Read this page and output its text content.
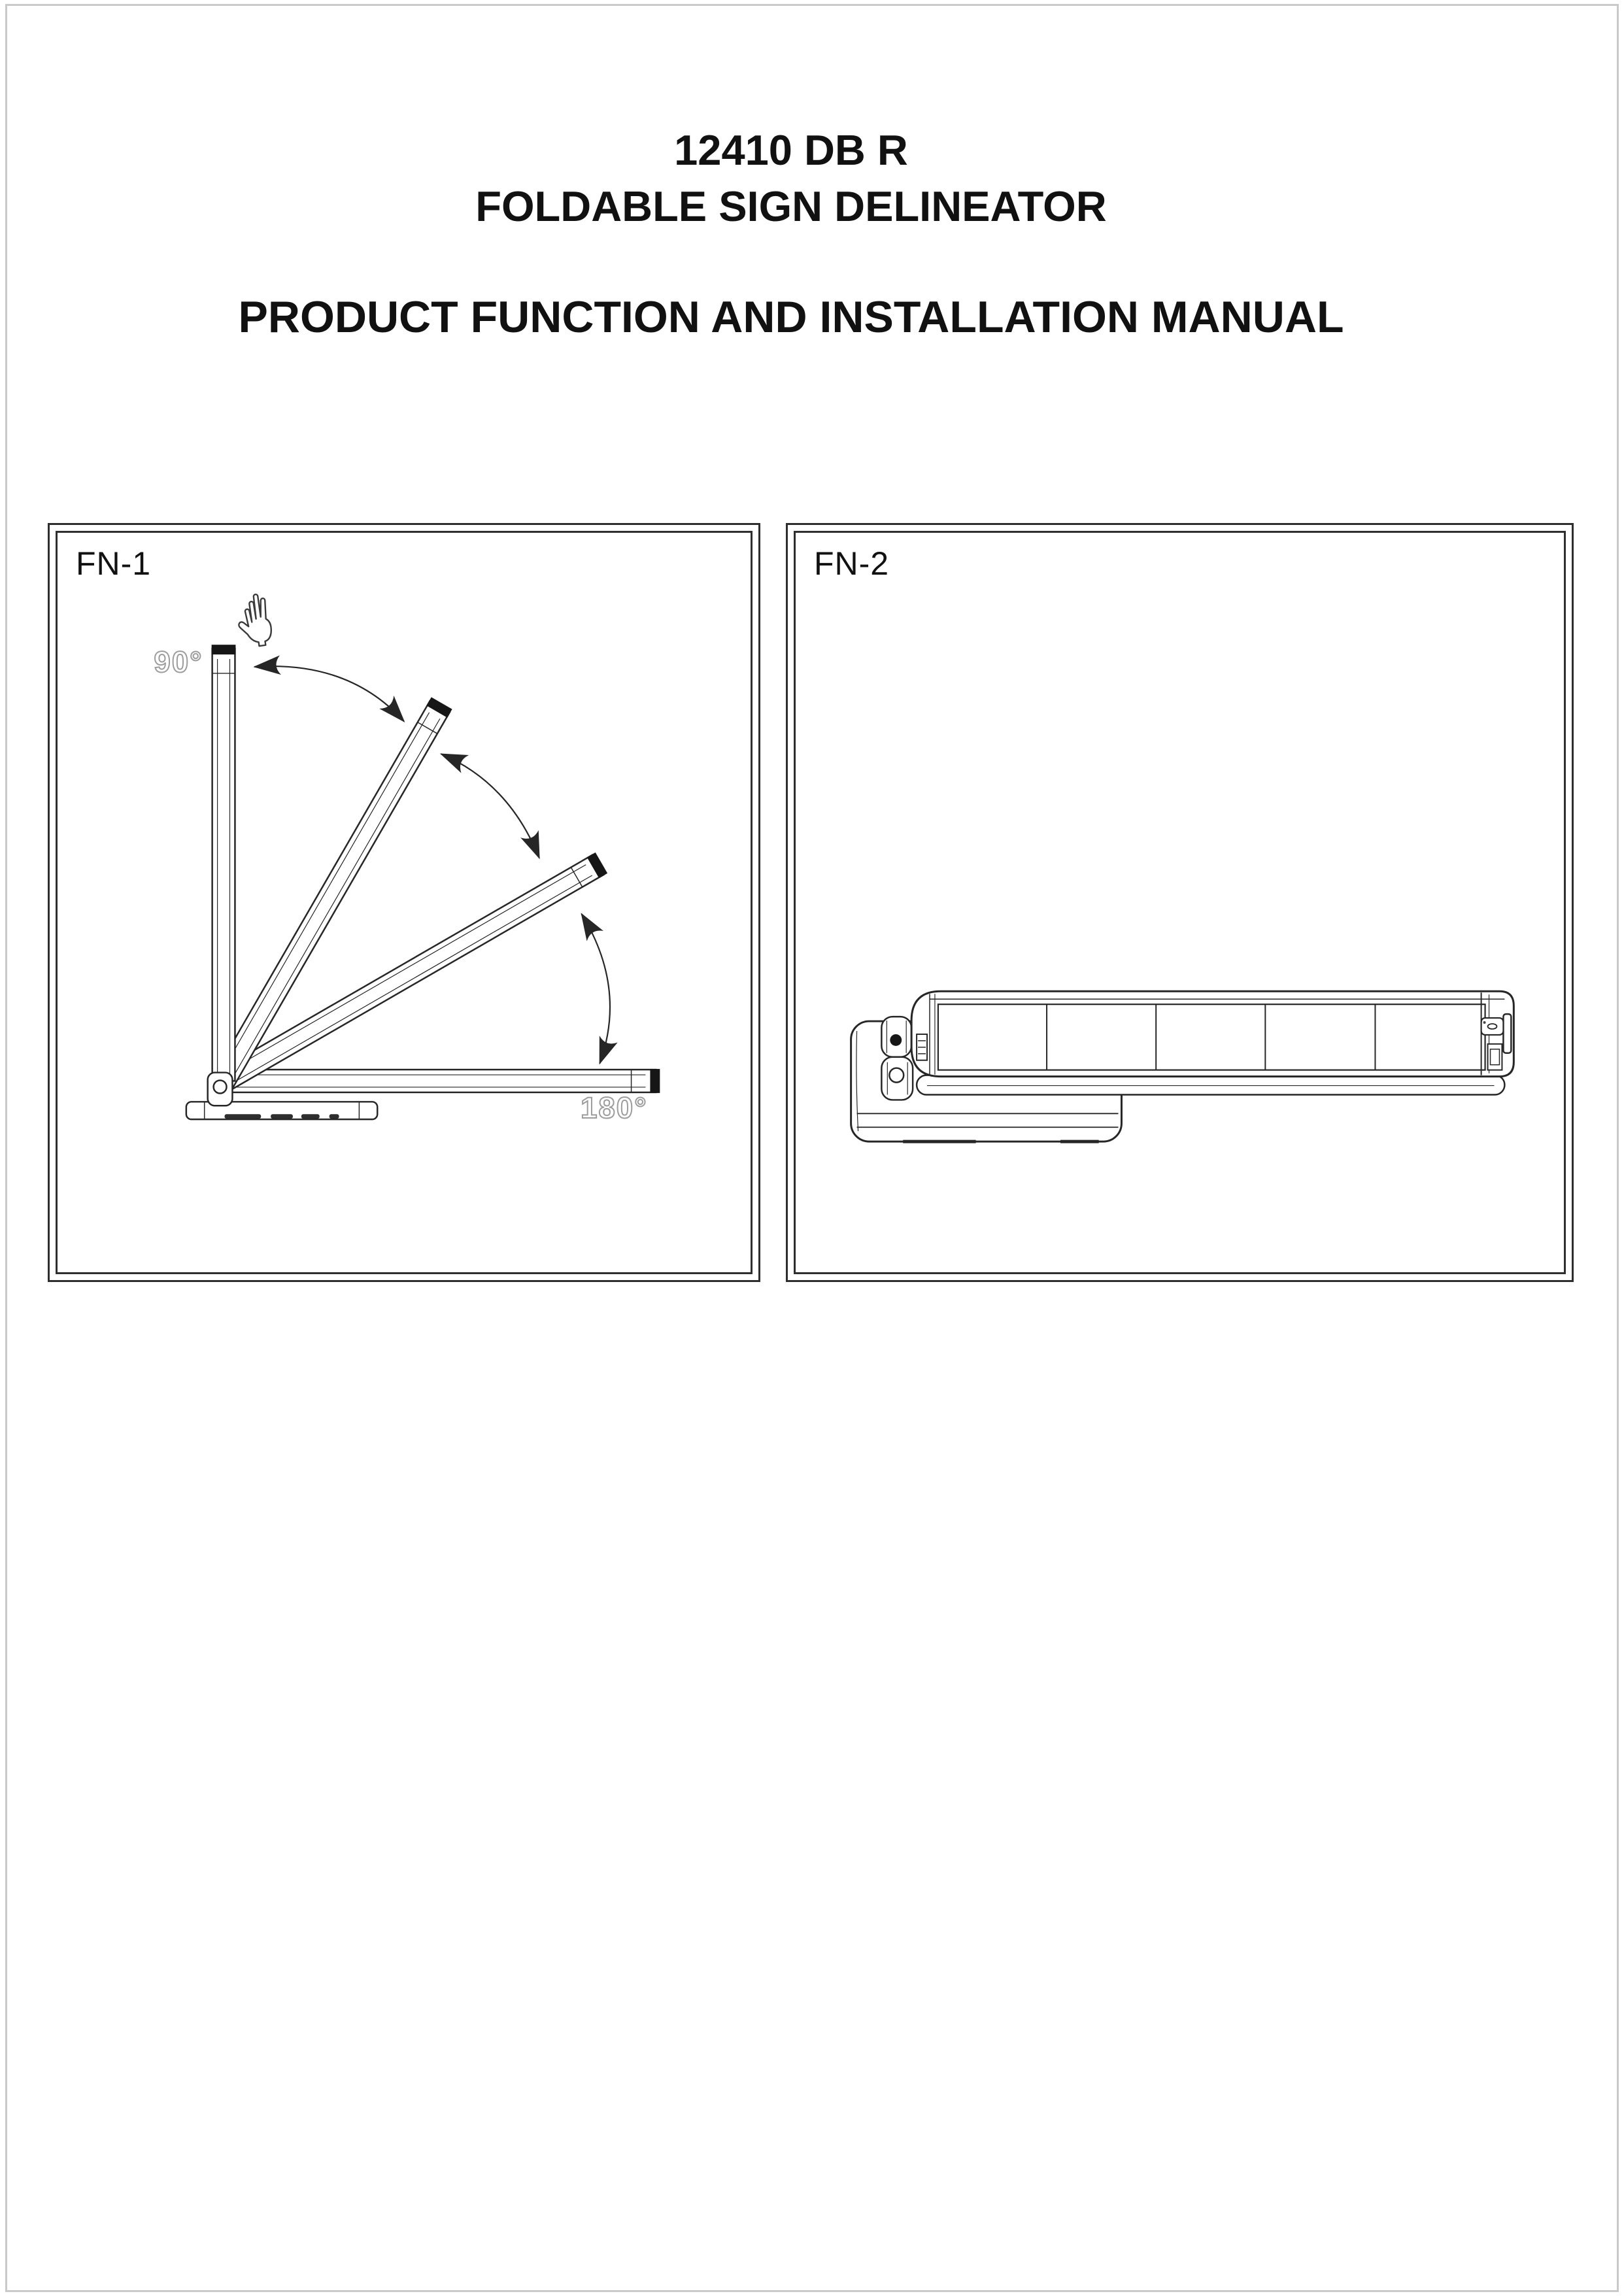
12410 DB R
FOLDABLE SIGN DELINEATOR
PRODUCT FUNCTION AND INSTALLATION MANUAL
FN-1
90°
180°
FN-2
